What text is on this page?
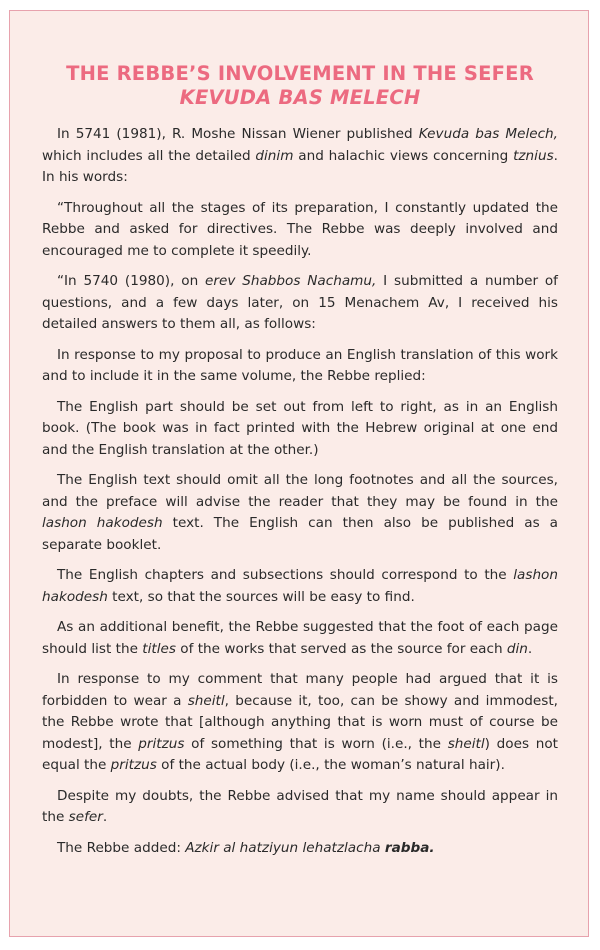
THE REBBE’S INVOLVEMENT IN THE SEFER
KEVUDA BAS MELECH

In 5741 (1981), R. Moshe Nissan Wiener published Kevuda bas Melech, which includes all the detailed dinim and halachic views concerning tznius. In his words:

“Throughout all the stages of its preparation, I constantly updated the Rebbe and asked for directives. The Rebbe was deeply involved and encouraged me to complete it speedily.

“In 5740 (1980), on erev Shabbos Nachamu, I submitted a number of questions, and a few days later, on 15 Menachem Av, I received his detailed answers to them all, as follows:

In response to my proposal to produce an English translation of this work and to include it in the same volume, the Rebbe replied:

The English part should be set out from left to right, as in an English book. (The book was in fact printed with the Hebrew original at one end and the English translation at the other.)

The English text should omit all the long footnotes and all the sources, and the preface will advise the reader that they may be found in the lashon hakodesh text. The English can then also be published as a separate booklet.

The English chapters and subsections should correspond to the lashon hakodesh text, so that the sources will be easy to find.

As an additional benefit, the Rebbe suggested that the foot of each page should list the titles of the works that served as the source for each din.

In response to my comment that many people had argued that it is forbidden to wear a sheitl, because it, too, can be showy and immodest, the Rebbe wrote that [although anything that is worn must of course be modest], the pritzus of something that is worn (i.e., the sheitl) does not equal the pritzus of the actual body (i.e., the woman’s natural hair).

Despite my doubts, the Rebbe advised that my name should appear in the sefer.

The Rebbe added: Azkir al hatziyun lehatzlacha rabba.
